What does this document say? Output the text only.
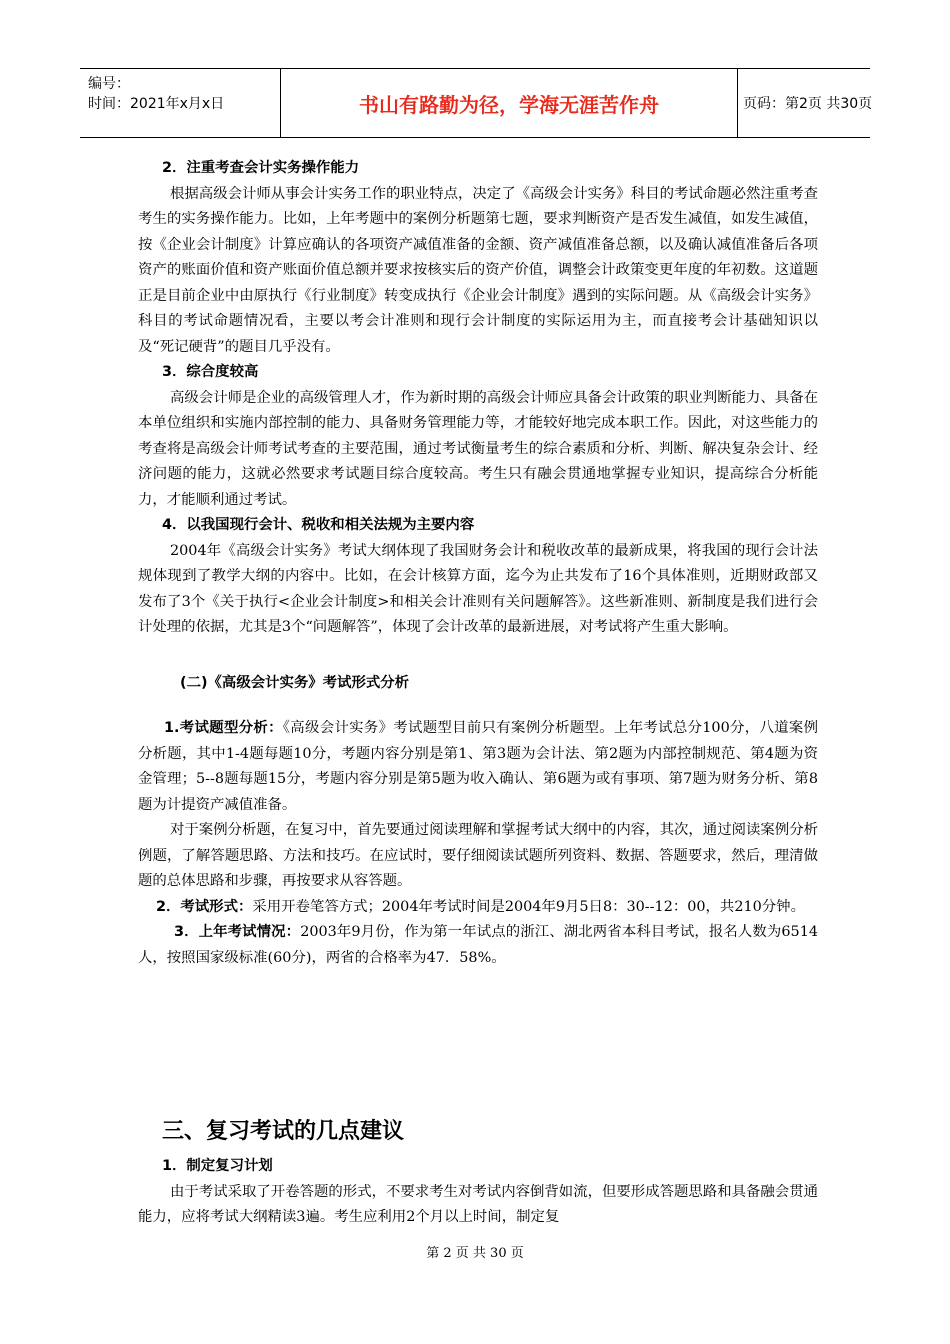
编号：
时间：2021年x月x日	书山有路勤为径，学海无涯苦作舟	页码：第2页 共30页
2．注重考查会计实务操作能力

根据高级会计师从事会计实务工作的职业特点，决定了《高级会计实务》科目的考试命题必然注重考查考生的实务操作能力。比如，上年考题中的案例分析题第七题，要求判断资产是否发生减值，如发生减值，按《企业会计制度》计算应确认的各项资产减值准备的金额、资产减值准备总额，以及确认减值准备后各项资产的账面价值和资产账面价值总额并要求按核实后的资产价值，调整会计政策变更年度的年初数。这道题正是目前企业中由原执行《行业制度》转变成执行《企业会计制度》遇到的实际问题。从《高级会计实务》科目的考试命题情况看，主要以考会计准则和现行会计制度的实际运用为主，而直接考会计基础知识以及“死记硬背”的题目几乎没有。

3．综合度较高

高级会计师是企业的高级管理人才，作为新时期的高级会计师应具备会计政策的职业判断能力、具备在本单位组织和实施内部控制的能力、具备财务管理能力等，才能较好地完成本职工作。因此，对这些能力的考查将是高级会计师考试考查的主要范围，通过考试衡量考生的综合素质和分析、判断、解决复杂会计、经济问题的能力，这就必然要求考试题目综合度较高。考生只有融会贯通地掌握专业知识，提高综合分析能力，才能顺利通过考试。

4．以我国现行会计、税收和相关法规为主要内容

2004年《高级会计实务》考试大纲体现了我国财务会计和税收改革的最新成果，将我国的现行会计法规体现到了教学大纲的内容中。比如，在会计核算方面，迄今为止共发布了16个具体准则，近期财政部又发布了3个《关于执行<企业会计制度>和相关会计准则有关问题解答》。这些新准则、新制度是我们进行会计处理的依据，尤其是3个“问题解答”，体现了会计改革的最新进展，对考试将产生重大影响。

(二)《高级会计实务》考试形式分析

1.考试题型分析：《高级会计实务》考试题型目前只有案例分析题型。上年考试总分100分，八道案例分析题，其中1-4题每题10分，考题内容分别是第1、第3题为会计法、第2题为内部控制规范、第4题为资金管理；5--8题每题15分，考题内容分别是第5题为收入确认、第6题为或有事项、第7题为财务分析、第8题为计提资产减值准备。

对于案例分析题，在复习中，首先要通过阅读理解和掌握考试大纲中的内容，其次，通过阅读案例分析例题，了解答题思路、方法和技巧。在应试时，要仔细阅读试题所列资料、数据、答题要求，然后，理清做题的总体思路和步骤，再按要求从容答题。

2．考试形式：采用开卷笔答方式；2004年考试时间是2004年9月5日8：30--12：00，共210分钟。

3．上年考试情况：2003年9月份，作为第一年试点的浙江、湖北两省本科目考试，报名人数为6514人，按照国家级标准(60分)，两省的合格率为47．58%。

三、复习考试的几点建议
1．制定复习计划

由于考试采取了开卷答题的形式，不要求考生对考试内容倒背如流，但要形成答题思路和具备融会贯通能力，应将考试大纲精读3遍。考生应利用2个月以上时间，制定复

第 2 页 共 30 页
